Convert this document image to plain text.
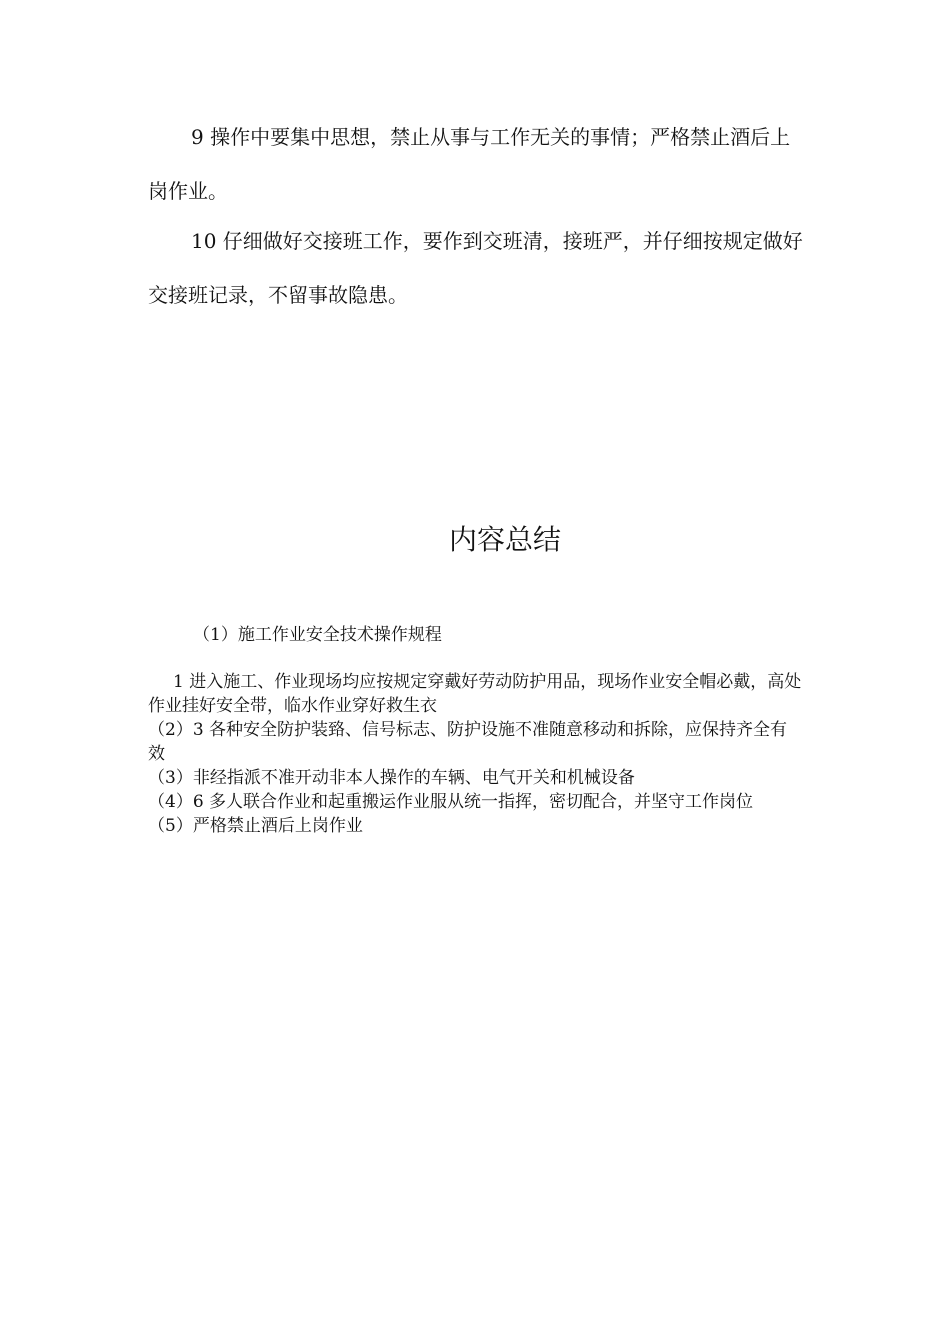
9 操作中要集中思想，禁止从事与工作无关的事情；严格禁止酒后上岗作业。

10 仔细做好交接班工作，要作到交班清，接班严，并仔细按规定做好交接班记录，不留事故隐患。

内容总结

（1）施工作业安全技术操作规程

1 进入施工、作业现场均应按规定穿戴好劳动防护用品，现场作业安全帽必戴，高处作业挂好安全带，临水作业穿好救生衣
（2）3 各种安全防护装臵、信号标志、防护设施不准随意移动和拆除，应保持齐全有效
（3）非经指派不准开动非本人操作的车辆、电气开关和机械设备
（4）6 多人联合作业和起重搬运作业服从统一指挥，密切配合，并坚守工作岗位
（5）严格禁止酒后上岗作业
